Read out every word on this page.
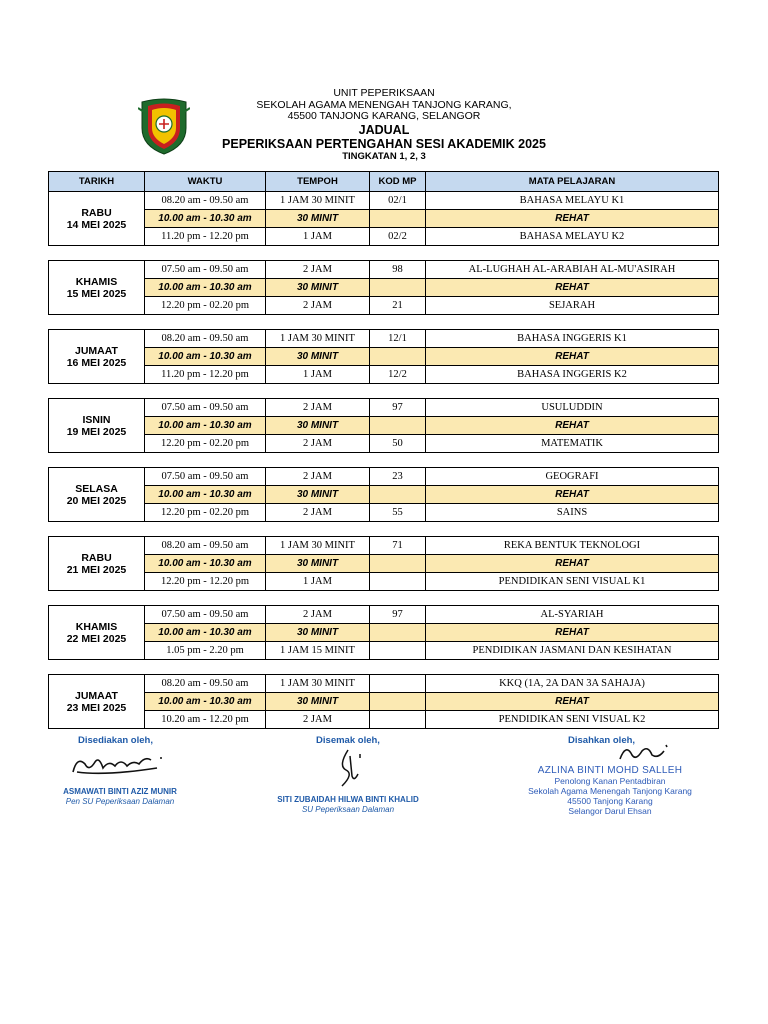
UNIT PEPERIKSAAN
SEKOLAH AGAMA MENENGAH TANJONG KARANG,
45500 TANJONG KARANG, SELANGOR
JADUAL
PEPERIKSAAN PERTENGAHAN SESI AKADEMIK 2025
TINGKATAN 1, 2, 3
TARIKH	WAKTU	TEMPOH	KOD MP	MATA PELAJARAN

RABU
14 MEI 2025	08.20 am - 09.50 am	1 JAM 30 MINIT	02/1	BAHASA MELAYU K1
	10.00 am - 10.30 am	30 MINIT		REHAT
	11.20 pm - 12.20 pm	1 JAM	02/2	BAHASA MELAYU K2

KHAMIS
15 MEI 2025	07.50 am - 09.50 am	2 JAM	98	AL-LUGHAH AL-ARABIAH AL-MU'ASIRAH
	10.00 am - 10.30 am	30 MINIT		REHAT
	12.20 pm - 02.20 pm	2 JAM	21	SEJARAH

JUMAAT
16 MEI 2025	08.20 am - 09.50 am	1 JAM 30 MINIT	12/1	BAHASA INGGERIS K1
	10.00 am - 10.30 am	30 MINIT		REHAT
	11.20 pm - 12.20 pm	1 JAM	12/2	BAHASA INGGERIS K2

ISNIN
19 MEI 2025	07.50 am - 09.50 am	2 JAM	97	USULUDDIN
	10.00 am - 10.30 am	30 MINIT		REHAT
	12.20 pm - 02.20 pm	2 JAM	50	MATEMATIK

SELASA
20 MEI 2025	07.50 am - 09.50 am	2 JAM	23	GEOGRAFI
	10.00 am - 10.30 am	30 MINIT		REHAT
	12.20 pm - 02.20 pm	2 JAM	55	SAINS

RABU
21 MEI 2025	08.20 am - 09.50 am	1 JAM 30 MINIT	71	REKA BENTUK TEKNOLOGI
	10.00 am - 10.30 am	30 MINIT		REHAT
	12.20 pm - 12.20 pm	1 JAM		PENDIDIKAN SENI VISUAL K1

KHAMIS
22 MEI 2025	07.50 am - 09.50 am	2 JAM	97	AL-SYARIAH
	10.00 am - 10.30 am	30 MINIT		REHAT
	1.05 pm - 2.20 pm	1 JAM 15 MINIT		PENDIDIKAN JASMANI DAN KESIHATAN

JUMAAT
23 MEI 2025	08.20 am - 09.50 am	1 JAM 30 MINIT		KKQ (1A, 2A DAN 3A SAHAJA)
	10.00 am - 10.30 am	30 MINIT		REHAT
	10.20 am - 12.20 pm	2 JAM		PENDIDIKAN SENI VISUAL K2
Disediakan oleh,
ASMAWATI BINTI AZIZ MUNIR
Pen SU Peperiksaan Dalaman
Disemak oleh,
SITI ZUBAIDAH HILWA BINTI KHALID
SU Peperiksaan Dalaman
Disahkan oleh,
AZLINA BINTI MOHD SALLEH
Penolong Kanan Pentadbiran
Sekolah Agama Menengah Tanjong Karang
45500 Tanjong Karang
Selangor Darul Ehsan
